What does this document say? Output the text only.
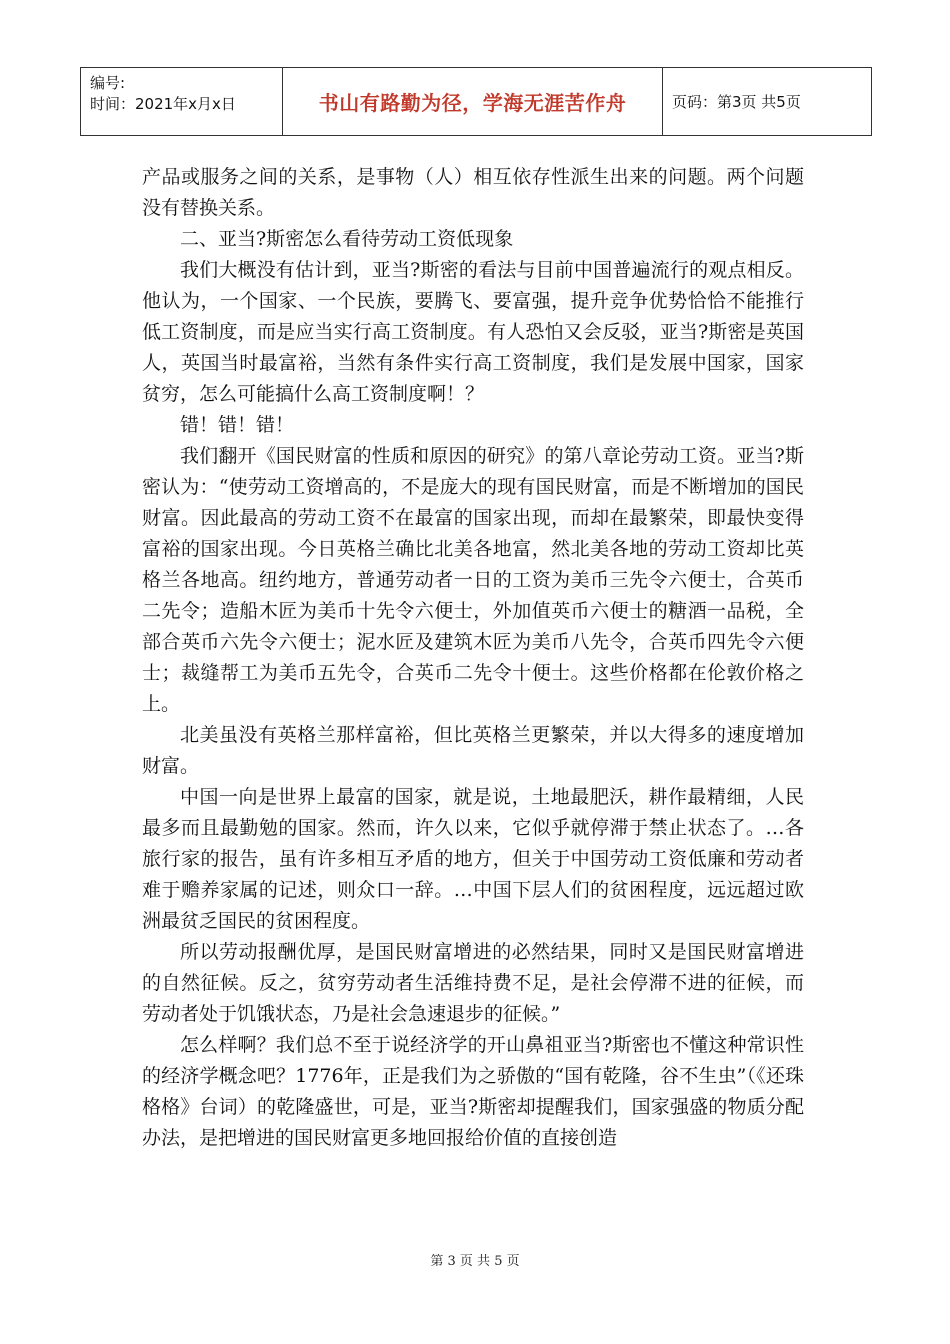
编号:
时间：2021年x月x日	书山有路勤为径，学海无涯苦作舟	页码：第3页 共5页

产品或服务之间的关系，是事物（人）相互依存性派生出来的问题。两个问题没有替换关系。

二、亚当?斯密怎么看待劳动工资低现象

我们大概没有估计到，亚当?斯密的看法与目前中国普遍流行的观点相反。他认为，一个国家、一个民族，要腾飞、要富强，提升竞争优势恰恰不能推行低工资制度，而是应当实行高工资制度。有人恐怕又会反驳，亚当?斯密是英国人，英国当时最富裕，当然有条件实行高工资制度，我们是发展中国家，国家贫穷，怎么可能搞什么高工资制度啊！？

错！错！错！

我们翻开《国民财富的性质和原因的研究》的第八章论劳动工资。亚当?斯密认为：“使劳动工资增高的，不是庞大的现有国民财富，而是不断增加的国民财富。因此最高的劳动工资不在最富的国家出现，而却在最繁荣，即最快变得富裕的国家出现。今日英格兰确比北美各地富，然北美各地的劳动工资却比英格兰各地高。纽约地方，普通劳动者一日的工资为美币三先令六便士，合英币二先令；造船木匠为美币十先令六便士，外加值英币六便士的糖酒一品税，全部合英币六先令六便士；泥水匠及建筑木匠为美币八先令，合英币四先令六便士；裁缝帮工为美币五先令，合英币二先令十便士。这些价格都在伦敦价格之上。

北美虽没有英格兰那样富裕，但比英格兰更繁荣，并以大得多的速度增加财富。

中国一向是世界上最富的国家，就是说，土地最肥沃，耕作最精细，人民最多而且最勤勉的国家。然而，许久以来，它似乎就停滞于禁止状态了。…各旅行家的报告，虽有许多相互矛盾的地方，但关于中国劳动工资低廉和劳动者难于赡养家属的记述，则众口一辞。…中国下层人们的贫困程度，远远超过欧洲最贫乏国民的贫困程度。

所以劳动报酬优厚，是国民财富增进的必然结果，同时又是国民财富增进的自然征候。反之，贫穷劳动者生活维持费不足，是社会停滞不进的征候，而劳动者处于饥饿状态，乃是社会急速退步的征候。”

怎么样啊？我们总不至于说经济学的开山鼻祖亚当?斯密也不懂这种常识性的经济学概念吧？1776年，正是我们为之骄傲的“国有乾隆，谷不生虫”（《还珠格格》台词）的乾隆盛世，可是，亚当?斯密却提醒我们，国家强盛的物质分配办法，是把增进的国民财富更多地回报给价值的直接创造

第 3 页 共 5 页
